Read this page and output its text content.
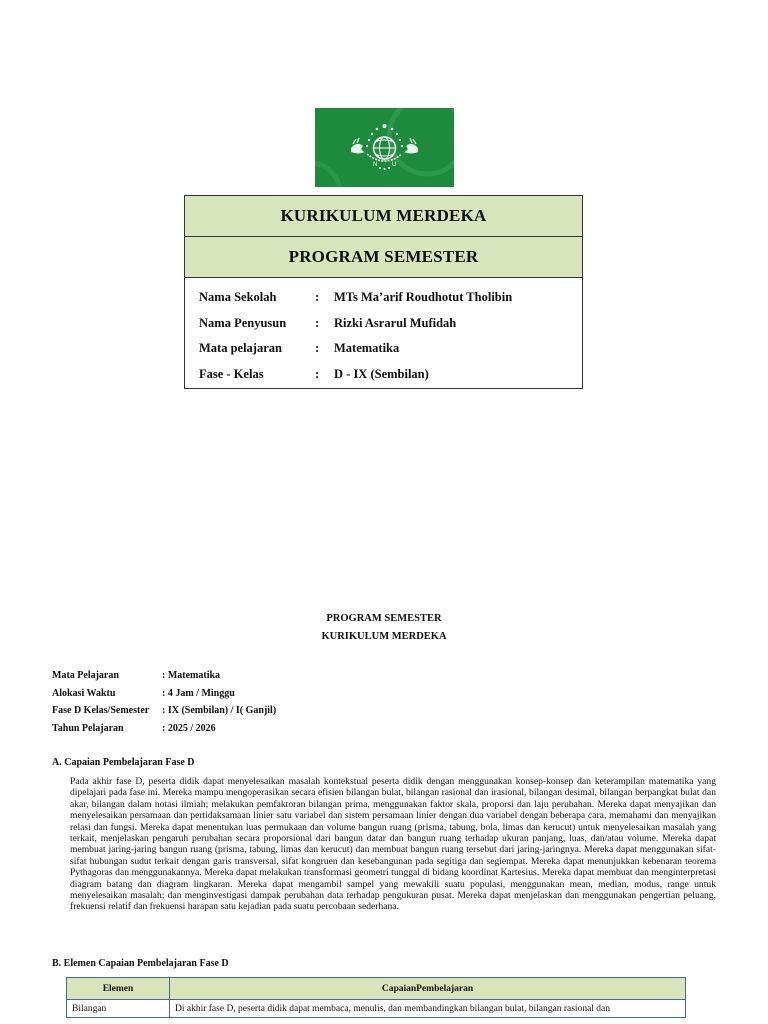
N U
KURIKULUM MERDEKA
PROGRAM SEMESTER
Nama Sekolah	:	MTs Ma’arif Roudhotut Tholibin
Nama Penyusun	:	Rizki Asrarul Mufidah
Mata pelajaran	:	Matematika
Fase - Kelas	:	D - IX (Sembilan)
PROGRAM SEMESTER
KURIKULUM MERDEKA
Mata Pelajaran	: Matematika
Alokasi Waktu	: 4 Jam / Minggu
Fase D Kelas/Semester	: IX (Sembilan) / I( Ganjil)
Tahun Pelajaran	: 2025 / 2026
A. Capaian Pembelajaran Fase D

Pada akhir fase D, peserta didik dapat menyelesaikan masalah kontekstual peserta didik dengan menggunakan konsep-konsep dan keterampilan matematika yang dipelajari pada fase ini. Mereka mampu mengoperasikan secara efisien bilangan bulat, bilangan rasional dan irasional, bilangan desimal, bilangan berpangkat bulat dan akar, bilangan dalam notasi ilmiah; melakukan pemfaktoran bilangan prima, menggunakan faktor skala, proporsi dan laju perubahan. Mereka dapat menyajikan dan menyelesaikan persamaan dan pertidaksamaan linier satu variabel dan sistem persamaan linier dengan dua variabel dengan beberapa cara, memahami dan menyajikan relasi dan fungsi. Mereka dapat menentukan luas permukaan dan volume bangun ruang (prisma, tabung, bola, limas dan kerucut) untuk menyelesaikan masalah yang terkait, menjelaskan pengaruh perubahan secara proporsional dari bangun datar dan bangun ruang terhadap ukuran panjang, luas, dan/atau volume. Mereka dapat membuat jaring-jaring bangun ruang (prisma, tabung, limas dan kerucut) dan membuat bangun ruang tersebut dari jaring-jaringnya. Mereka dapat menggunakan sifat-sifat hubungan sudut terkait dengan garis transversal, sifat kongruen dan kesebangunan pada segitiga dan segiempat. Mereka dapat menunjukkan kebenaran teorema Pythagoras dan menggunakannya. Mereka dapat melakukan transformasi geometri tunggal di bidang koordinat Kartesius. Mereka dapat membuat dan menginterpretasi diagram batang dan diagram lingkaran. Mereka dapat mengambil sampel yang mewakili suatu populasi, menggunakan mean, median, modus, range untuk menyelesaikan masalah; dan menginvestigasi dampak perubahan data terhadap pengukuran pusat. Mereka dapat menjelaskan dan menggunakan pengertian peluang, frekuensi relatif dan frekuensi harapan satu kejadian pada suatu percobaan sederhana.

B. Elemen Capaian Pembelajaran Fase D
Elemen	CapaianPembelajaran
Bilangan	Di akhir fase D, peserta didik dapat membaca, menulis, dan membandingkan bilangan bulat, bilangan rasional dan
